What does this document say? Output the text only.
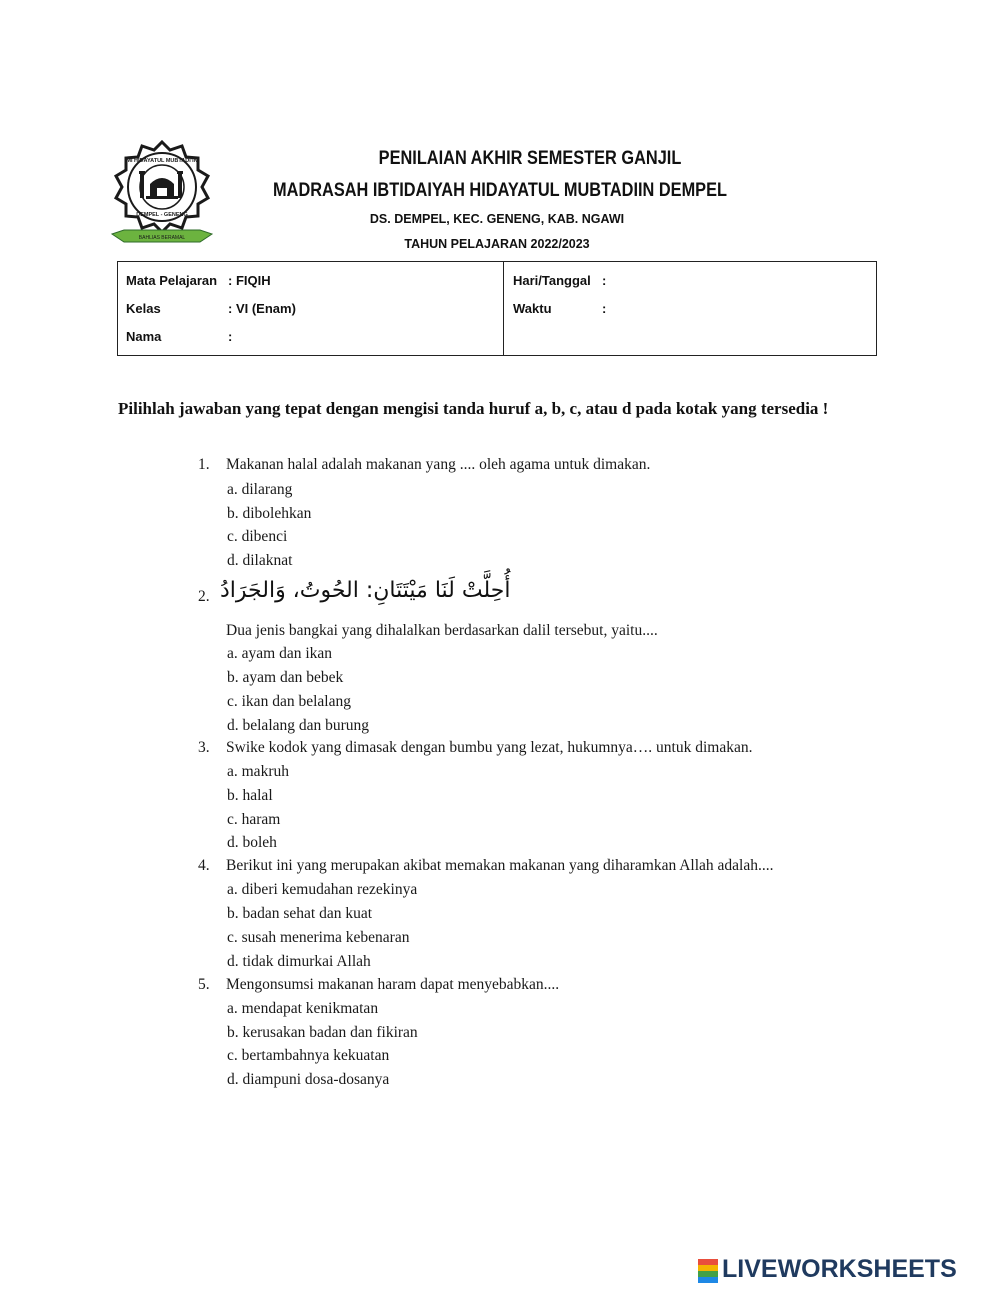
MI HIDAYATUL MUBTADI'IN
DEMPEL - GENENG
BAHLIAS BERAMAL
PENILAIAN AKHIR SEMESTER GANJIL
MADRASAH IBTIDAIYAH HIDAYATUL MUBTADIIN DEMPEL
DS. DEMPEL, KEC. GENENG, KAB. NGAWI
TAHUN PELAJARAN 2022/2023
Mata Pelajaran : FIQIH
Kelas	: VI (Enam)
Nama	:
Hari/Tanggal :
Waktu	:
Pilihlah jawaban yang tepat dengan mengisi tanda huruf a, b, c, atau d pada kotak yang tersedia !
1. Makanan halal adalah makanan yang .... oleh agama untuk dimakan.
a. dilarang
b. dibolehkan
c. dibenci
d. dilaknat
2. أُحِلَّتْ لَنَا مَيْتَتَانِ: الحُوتُ، وَالجَرَادُ
Dua jenis bangkai yang dihalalkan berdasarkan dalil tersebut, yaitu....
a. ayam dan ikan
b. ayam dan bebek
c. ikan dan belalang
d. belalang dan burung
3. Swike kodok yang dimasak dengan bumbu yang lezat, hukumnya…. untuk dimakan.
a. makruh
b. halal
c. haram
d. boleh
4. Berikut ini yang merupakan akibat memakan makanan yang diharamkan Allah adalah....
a. diberi kemudahan rezekinya
b. badan sehat dan kuat
c. susah menerima kebenaran
d. tidak dimurkai Allah
5. Mengonsumsi makanan haram dapat menyebabkan....
a. mendapat kenikmatan
b. kerusakan badan dan fikiran
c. bertambahnya kekuatan
d. diampuni dosa-dosanya
LIVEWORKSHEETS
